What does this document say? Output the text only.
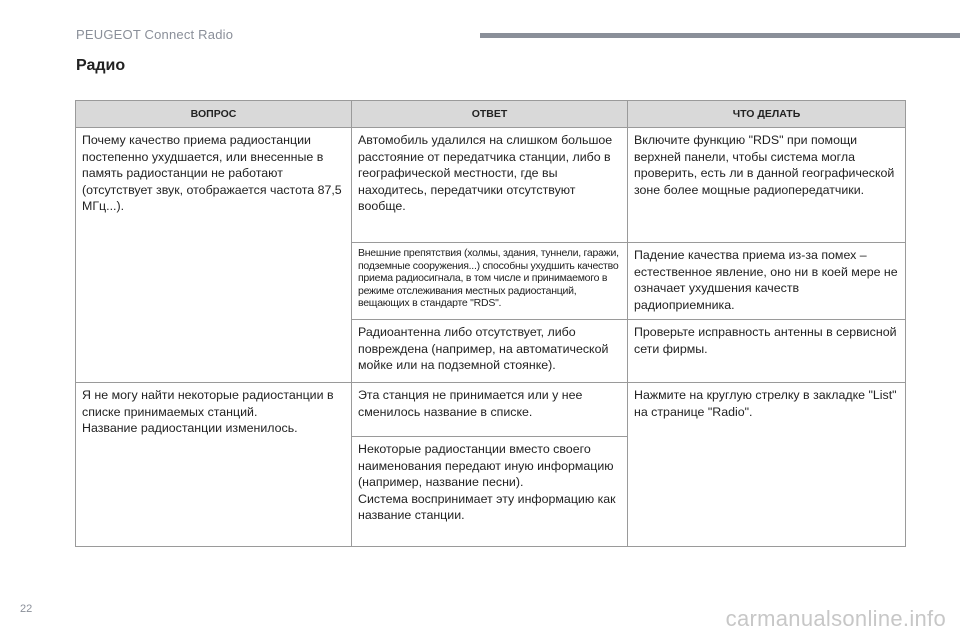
PEUGEOT Connect Radio
Радио
ВОПРОС	ОТВЕТ	ЧТО ДЕЛАТЬ
Почему качество приема радиостанции постепенно ухудшается, или внесенные в память радиостанции не работают (отсутствует звук, отображается частота 87,5 МГц...).	Автомобиль удалился на слишком большое расстояние от передатчика станции, либо в географической местности, где вы находитесь, передатчики отсутствуют вообще.	Включите функцию "RDS" при помощи верхней панели, чтобы система могла проверить, есть ли в данной географической зоне более мощные радиопередатчики.
	Внешние препятствия (холмы, здания, туннели, гаражи, подземные сооружения...) способны ухудшить качество приема радиосигнала, в том числе и принимаемого в режиме отслеживания местных радиостанций, вещающих в стандарте "RDS".	Падение качества приема из-за помех – естественное явление, оно ни в коей мере не означает ухудшения качеств радиоприемника.
	Радиоантенна либо отсутствует, либо повреждена (например, на автоматической мойке или на подземной стоянке).	Проверьте исправность антенны в сервисной сети фирмы.
Я не могу найти некоторые радиостанции в списке принимаемых станций.
Название радиостанции изменилось.	Эта станция не принимается или у нее сменилось название в списке.	Нажмите на круглую стрелку в закладке "List" на странице "Radio".
	Некоторые радиостанции вместо своего наименования передают иную информацию (например, название песни).
Система воспринимает эту информацию как название станции.	
22	carmanualsonline.info
